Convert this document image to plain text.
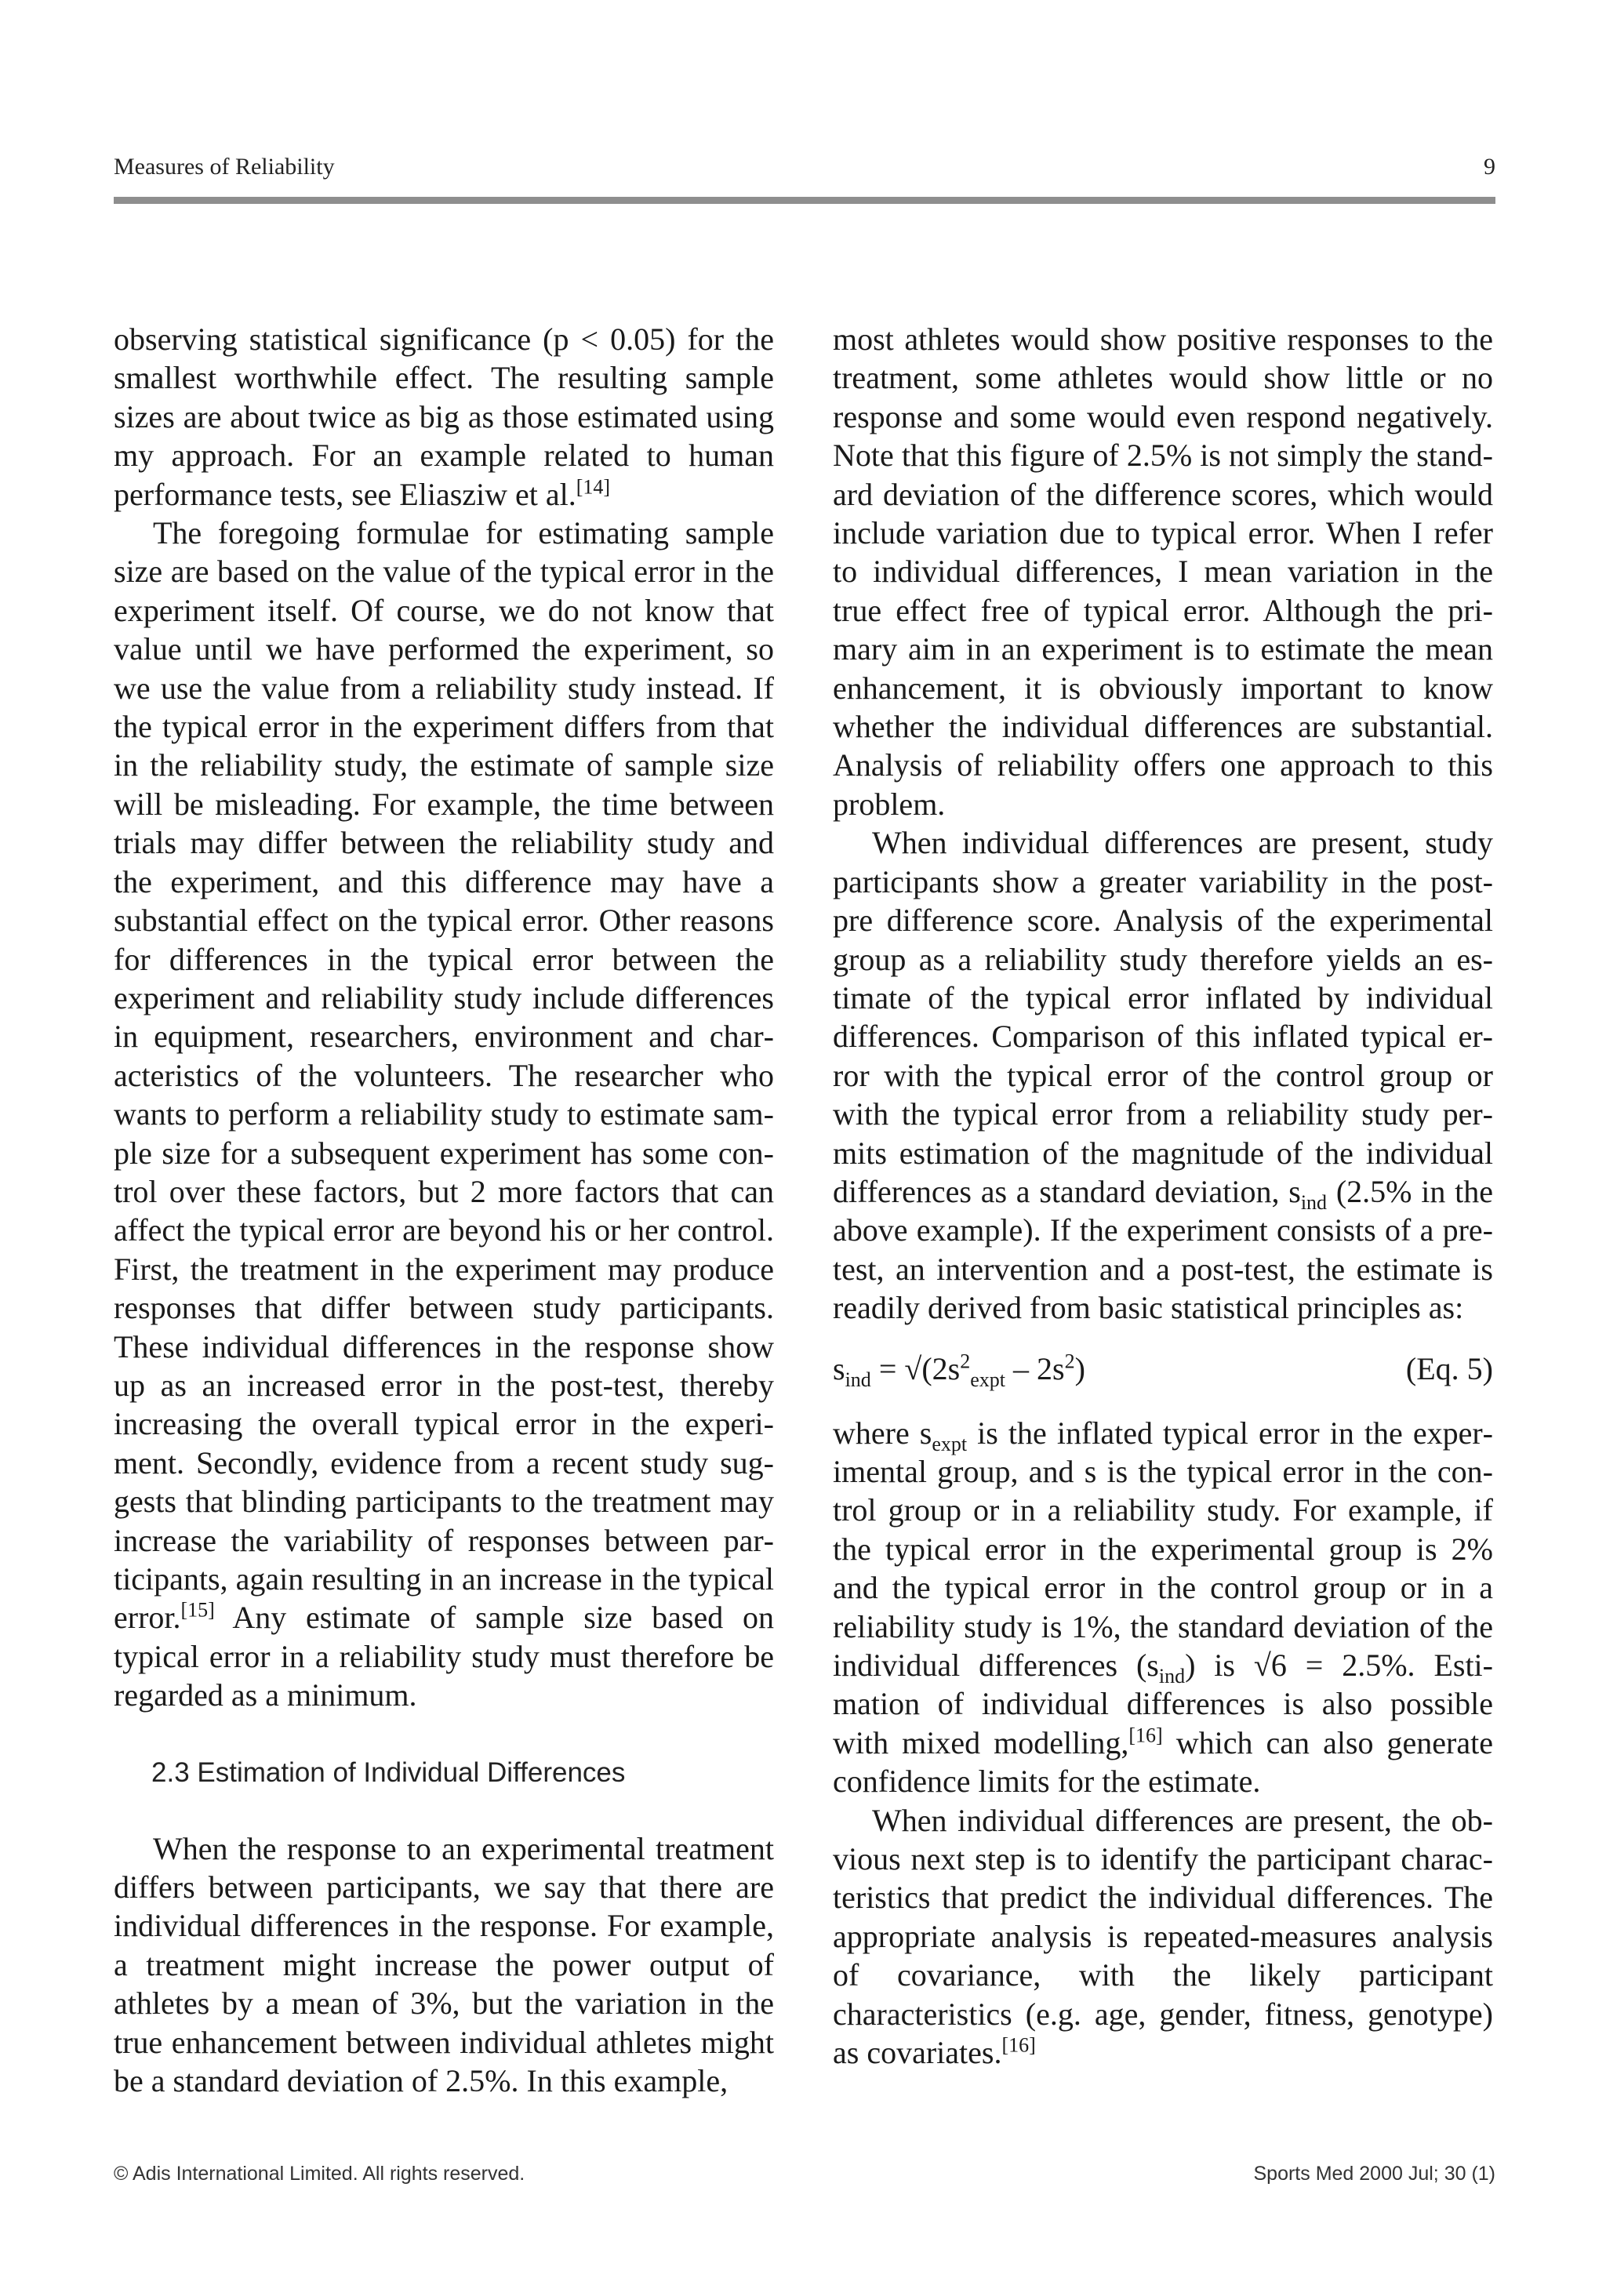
Measures of Reliability	9

observing statistical significance (p < 0.05) for the smallest worthwhile effect. The resulting sample sizes are about twice as big as those estimated using my approach. For an example related to human performance tests, see Eliasziw et al.[14]

The foregoing formulae for estimating sample size are based on the value of the typical error in the experiment itself. Of course, we do not know that value until we have performed the experiment, so we use the value from a reliability study instead. If the typical error in the experiment differs from that in the reliability study, the estimate of sample size will be misleading. For example, the time between trials may differ between the reliability study and the experiment, and this difference may have a substantial effect on the typical error. Other reasons for differences in the typical error between the experiment and reliability study include differences in equipment, researchers, environment and characteristics of the volunteers. The researcher who wants to perform a reliability study to estimate sample size for a subsequent experiment has some control over these factors, but 2 more factors that can affect the typical error are beyond his or her control. First, the treatment in the experiment may produce responses that differ between study participants. These individual differences in the response show up as an increased error in the post-test, thereby increasing the overall typical error in the experiment. Secondly, evidence from a recent study suggests that blinding participants to the treatment may increase the variability of responses between participants, again resulting in an increase in the typical error.[15] Any estimate of sample size based on typical error in a reliability study must therefore be regarded as a minimum.

2.3 Estimation of Individual Differences

When the response to an experimental treatment differs between participants, we say that there are individual differences in the response. For example, a treatment might increase the power output of athletes by a mean of 3%, but the variation in the true enhancement between individual athletes might be a standard deviation of 2.5%. In this example,

most athletes would show positive responses to the treatment, some athletes would show little or no response and some would even respond negatively. Note that this figure of 2.5% is not simply the standard deviation of the difference scores, which would include variation due to typical error. When I refer to individual differences, I mean variation in the true effect free of typical error. Although the primary aim in an experiment is to estimate the mean enhancement, it is obviously important to know whether the individual differences are substantial. Analysis of reliability offers one approach to this problem.

When individual differences are present, study participants show a greater variability in the post-pre difference score. Analysis of the experimental group as a reliability study therefore yields an estimate of the typical error inflated by individual differences. Comparison of this inflated typical error with the typical error of the control group or with the typical error from a reliability study permits estimation of the magnitude of the individual differences as a standard deviation, $s_{ind}$ (2.5% in the above example). If the experiment consists of a pre-test, an intervention and a post-test, the estimate is readily derived from basic statistical principles as:

$s_{ind} = √(2s^2_{expt} - 2s^2)$	(Eq. 5)

where $s_{expt}$ is the inflated typical error in the experimental group, and s is the typical error in the control group or in a reliability study. For example, if the typical error in the experimental group is 2% and the typical error in the control group or in a reliability study is 1%, the standard deviation of the individual differences $(s_{ind})$ is √6 = 2.5%. Estimation of individual differences is also possible with mixed modelling,[16] which can also generate confidence limits for the estimate.

When individual differences are present, the obvious next step is to identify the participant characteristics that predict the individual differences. The appropriate analysis is repeated-measures analysis of covariance, with the likely participant characteristics (e.g. age, gender, fitness, genotype) as covariates.[16]

© Adis International Limited. All rights reserved.	Sports Med 2000 Jul; 30 (1)
